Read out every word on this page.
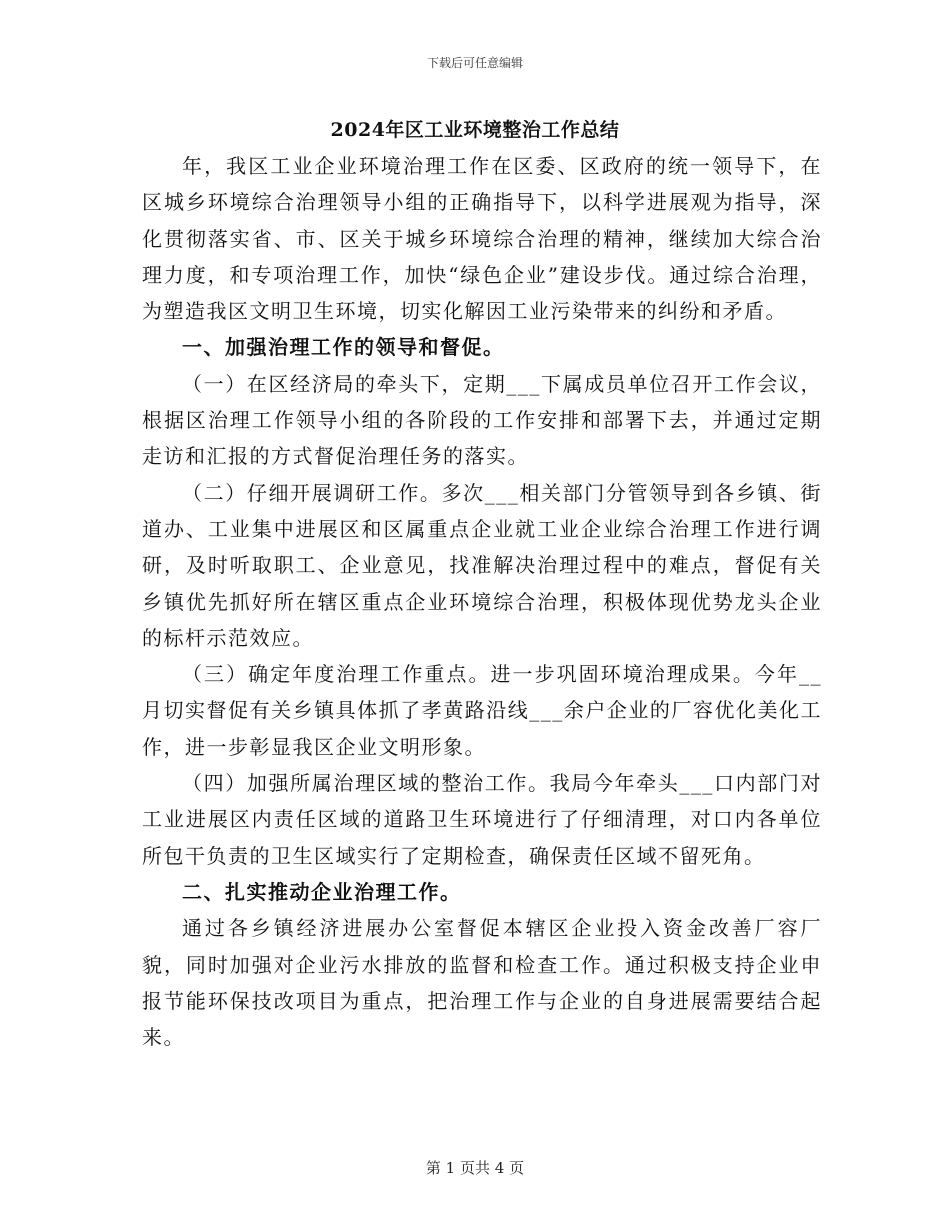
下载后可任意编辑
2024年区工业环境整治工作总结

年，我区工业企业环境治理工作在区委、区政府的统一领导下，在区城乡环境综合治理领导小组的正确指导下，以科学进展观为指导，深化贯彻落实省、市、区关于城乡环境综合治理的精神，继续加大综合治理力度，和专项治理工作，加快“绿色企业”建设步伐。通过综合治理，为塑造我区文明卫生环境，切实化解因工业污染带来的纠纷和矛盾。

一、加强治理工作的领导和督促。

（一）在区经济局的牵头下，定期___下属成员单位召开工作会议，根据区治理工作领导小组的各阶段的工作安排和部署下去，并通过定期走访和汇报的方式督促治理任务的落实。

（二）仔细开展调研工作。多次___相关部门分管领导到各乡镇、街道办、工业集中进展区和区属重点企业就工业企业综合治理工作进行调研，及时听取职工、企业意见，找准解决治理过程中的难点，督促有关乡镇优先抓好所在辖区重点企业环境综合治理，积极体现优势龙头企业的标杆示范效应。

（三）确定年度治理工作重点。进一步巩固环境治理成果。今年__月切实督促有关乡镇具体抓了孝黄路沿线___余户企业的厂容优化美化工作，进一步彰显我区企业文明形象。

（四）加强所属治理区域的整治工作。我局今年牵头___口内部门对工业进展区内责任区域的道路卫生环境进行了仔细清理，对口内各单位所包干负责的卫生区域实行了定期检查，确保责任区域不留死角。

二、扎实推动企业治理工作。

通过各乡镇经济进展办公室督促本辖区企业投入资金改善厂容厂貌，同时加强对企业污水排放的监督和检查工作。通过积极支持企业申报节能环保技改项目为重点，把治理工作与企业的自身进展需要结合起来。

第 1 页共 4 页
